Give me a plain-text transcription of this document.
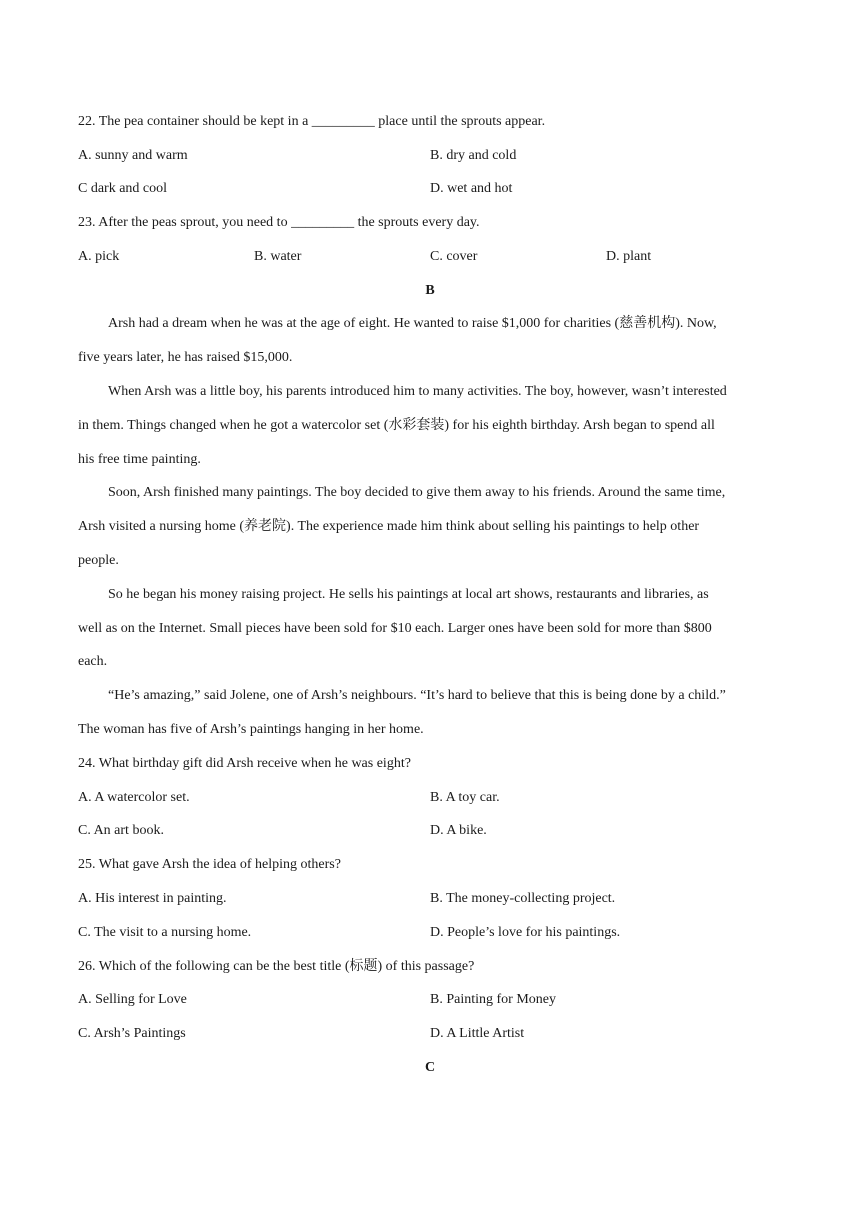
22. The pea container should be kept in a _________ place until the sprouts appear.
A. sunny and warm	B. dry and cold
C dark and cool	D. wet and hot
23. After the peas sprout, you need to _________ the sprouts every day.
A. pick	B. water	C. cover	D. plant
B
Arsh had a dream when he was at the age of eight. He wanted to raise $1,000 for charities (慈善机构). Now,
five years later, he has raised $15,000.
When Arsh was a little boy, his parents introduced him to many activities. The boy, however, wasn’t interested
in them. Things changed when he got a watercolor set (水彩套装) for his eighth birthday. Arsh began to spend all
his free time painting.
Soon, Arsh finished many paintings. The boy decided to give them away to his friends. Around the same time,
Arsh visited a nursing home (养老院). The experience made him think about selling his paintings to help other
people.
So he began his money raising project. He sells his paintings at local art shows, restaurants and libraries, as
well as on the Internet. Small pieces have been sold for $10 each. Larger ones have been sold for more than $800
each.
“He’s amazing,” said Jolene, one of Arsh’s neighbours. “It’s hard to believe that this is being done by a child.”
The woman has five of Arsh’s paintings hanging in her home.
24. What birthday gift did Arsh receive when he was eight?
A. A watercolor set.	B. A toy car.
C. An art book.	D. A bike.
25. What gave Arsh the idea of helping others?
A. His interest in painting.	B. The money-collecting project.
C. The visit to a nursing home.	D. People’s love for his paintings.
26. Which of the following can be the best title (标题) of this passage?
A. Selling for Love	B. Painting for Money
C. Arsh’s Paintings	D. A Little Artist
C
